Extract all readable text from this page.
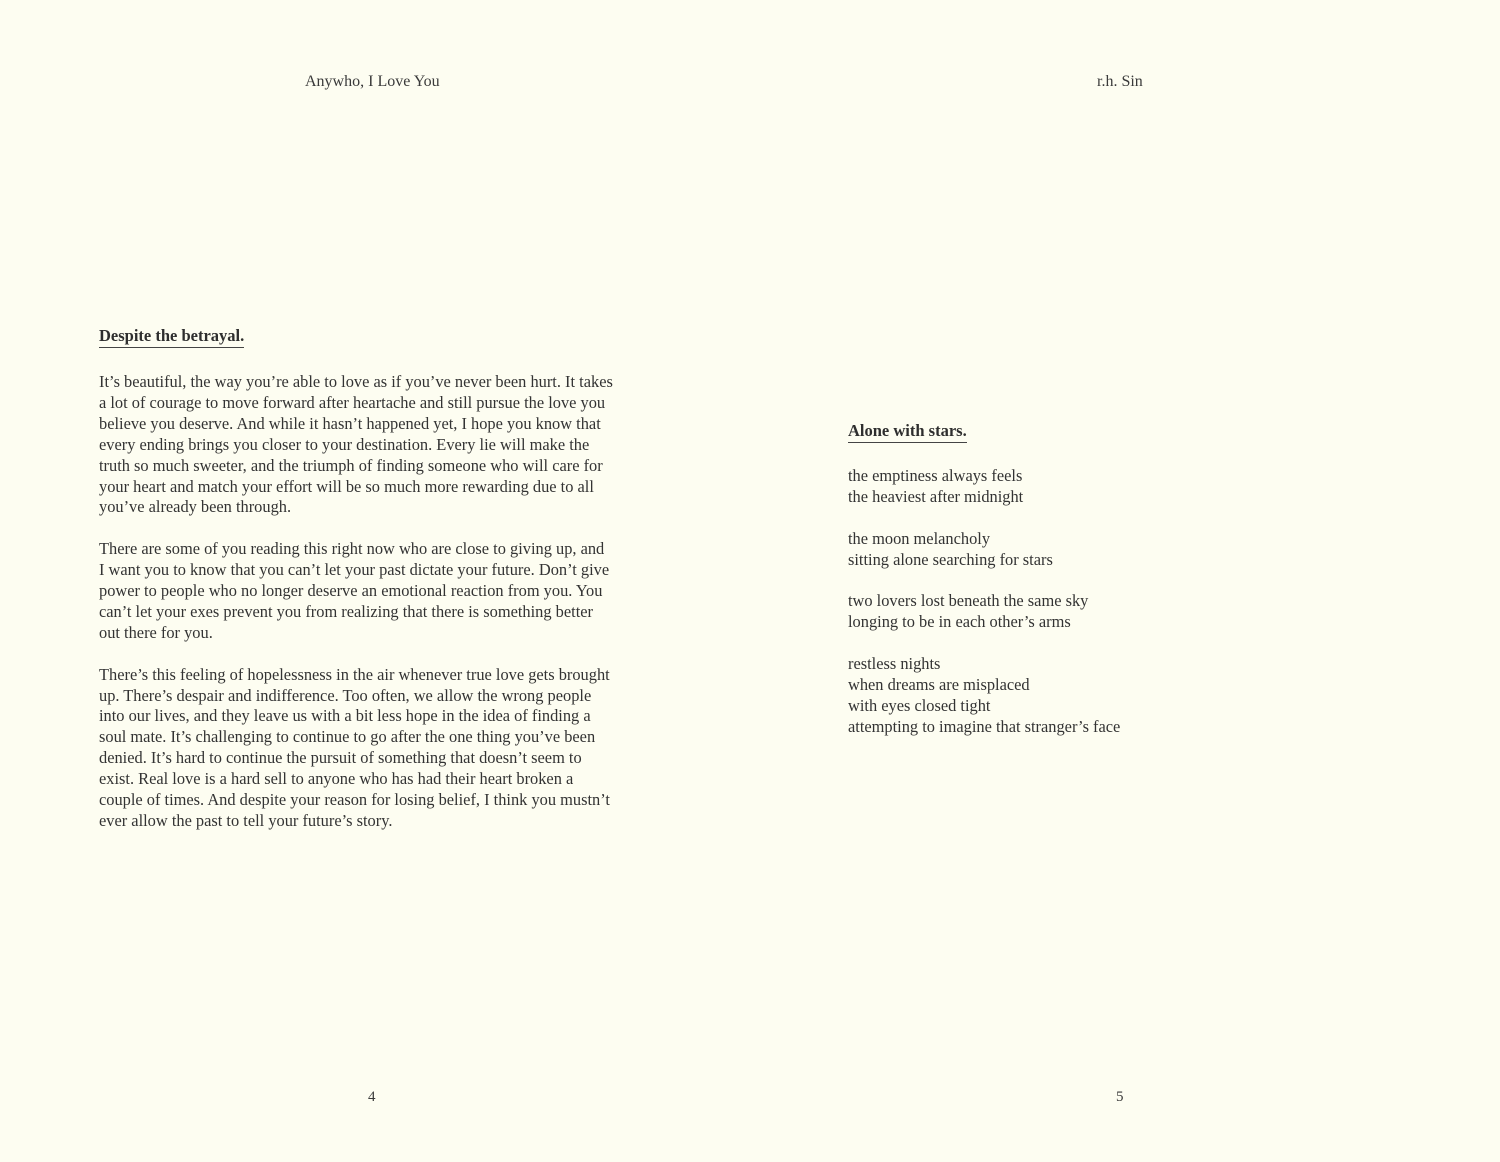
Anywho, I Love You
Despite the betrayal.

It’s beautiful, the way you’re able to love as if you’ve never been hurt. It takes
a lot of courage to move forward after heartache and still pursue the love you
believe you deserve. And while it hasn’t happened yet, I hope you know that
every ending brings you closer to your destination. Every lie will make the
truth so much sweeter, and the triumph of finding someone who will care for
your heart and match your effort will be so much more rewarding due to all
you’ve already been through.

There are some of you reading this right now who are close to giving up, and
I want you to know that you can’t let your past dictate your future. Don’t give
power to people who no longer deserve an emotional reaction from you. You
can’t let your exes prevent you from realizing that there is something better
out there for you.

There’s this feeling of hopelessness in the air whenever true love gets brought
up. There’s despair and indifference. Too often, we allow the wrong people
into our lives, and they leave us with a bit less hope in the idea of finding a
soul mate. It’s challenging to continue to go after the one thing you’ve been
denied. It’s hard to continue the pursuit of something that doesn’t seem to
exist. Real love is a hard sell to anyone who has had their heart broken a
couple of times. And despite your reason for losing belief, I think you mustn’t
ever allow the past to tell your future’s story.

4
r.h. Sin
Alone with stars.
the emptiness always feels
the heaviest after midnight
the moon melancholy
sitting alone searching for stars
two lovers lost beneath the same sky
longing to be in each other’s arms
restless nights
when dreams are misplaced
with eyes closed tight
attempting to imagine that stranger’s face
5
